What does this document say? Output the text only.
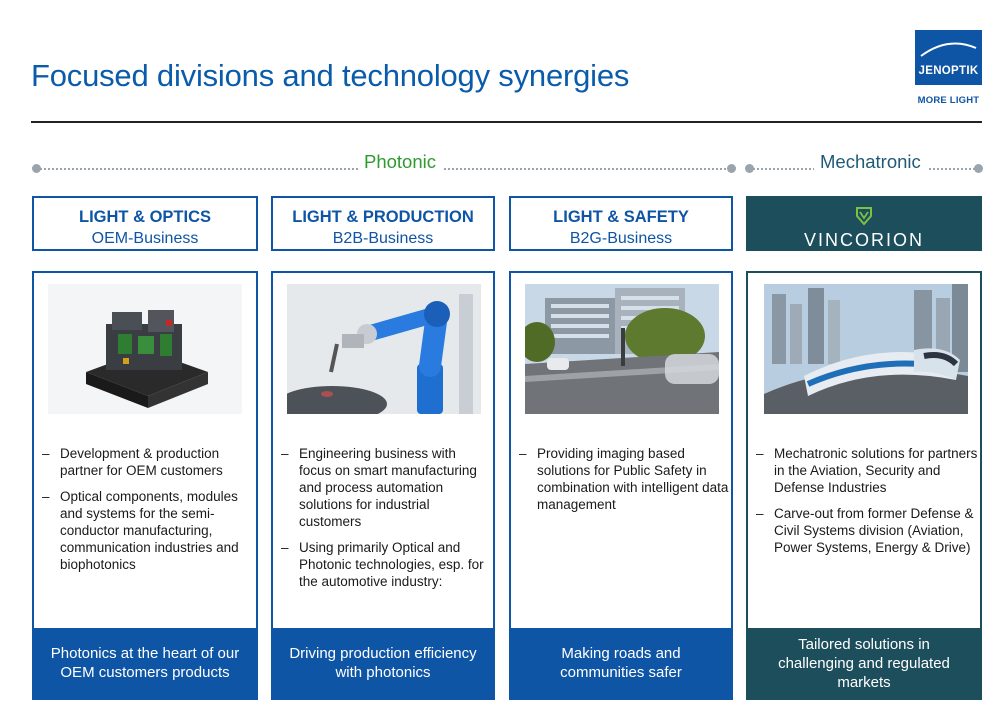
Focused divisions and technology synergies	JENOPTIK
MORE LIGHT
Photonic	Mechatronic
LIGHT & OPTICS
OEM-Business
LIGHT & PRODUCTION
B2B-Business
LIGHT & SAFETY
B2G-Business	VINCORION
– Development & production partner for OEM customers
– Optical components, modules and systems for the semi-conductor manufacturing, communication industries and biophotonics
Photonics at the heart of our OEM customers products
– Engineering business with focus on smart manufacturing and process automation solutions for industrial customers
– Using primarily Optical and Photonic technologies, esp. for the automotive industry:
Driving production efficiency with photonics
– Providing imaging based solutions for Public Safety in combination with intelligent data management
Making roads and communities safer
– Mechatronic solutions for partners in the Aviation, Security and Defense Industries
– Carve-out from former Defense & Civil Systems division (Aviation, Power Systems, Energy & Drive)
Tailored solutions in challenging and regulated markets
